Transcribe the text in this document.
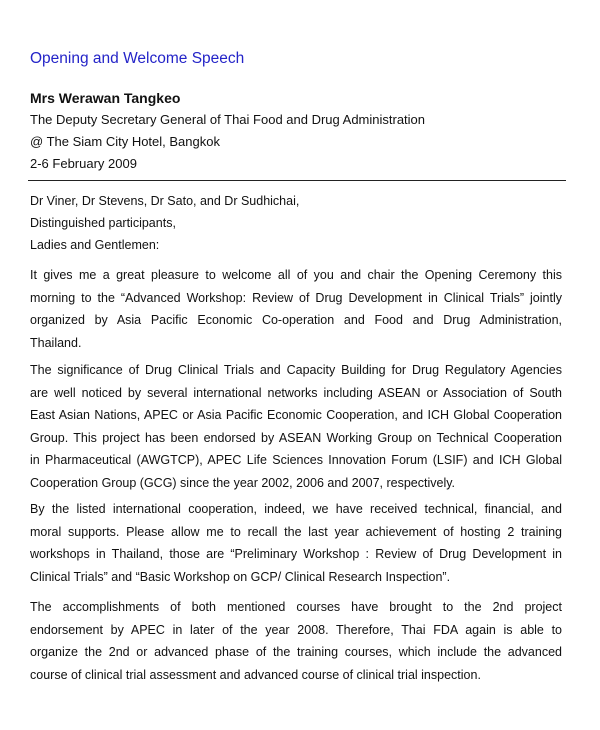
Opening and Welcome Speech
Mrs Werawan Tangkeo
The Deputy Secretary General of Thai Food and Drug Administration
@ The Siam City Hotel, Bangkok
2-6 February 2009
Dr Viner, Dr Stevens, Dr Sato, and Dr Sudhichai,
Distinguished participants,
Ladies and Gentlemen:
It gives me a great pleasure to welcome all of you and chair the Opening Ceremony this
morning to the “Advanced Workshop: Review of Drug Development in Clinical Trials” jointly
organized by Asia Pacific Economic Co-operation and Food and Drug Administration,
Thailand.
The significance of Drug Clinical Trials and Capacity Building for Drug Regulatory Agencies
are well noticed by several international networks including ASEAN or Association of South
East Asian Nations, APEC or Asia Pacific Economic Cooperation, and ICH Global Cooperation
Group. This project has been endorsed by ASEAN Working Group on Technical Cooperation
in Pharmaceutical (AWGTCP), APEC Life Sciences Innovation Forum (LSIF) and ICH Global
Cooperation Group (GCG) since the year 2002, 2006 and 2007, respectively.
By the listed international cooperation, indeed, we have received technical, financial, and
moral supports. Please allow me to recall the last year achievement of hosting 2 training
workshops in Thailand, those are “Preliminary Workshop : Review of Drug Development in
Clinical Trials” and “Basic Workshop on GCP/ Clinical Research Inspection”.
The accomplishments of both mentioned courses have brought to the 2nd project
endorsement by APEC in later of the year 2008. Therefore, Thai FDA again is able to
organize the 2nd or advanced phase of the training courses, which include the advanced
course of clinical trial assessment and advanced course of clinical trial inspection.
